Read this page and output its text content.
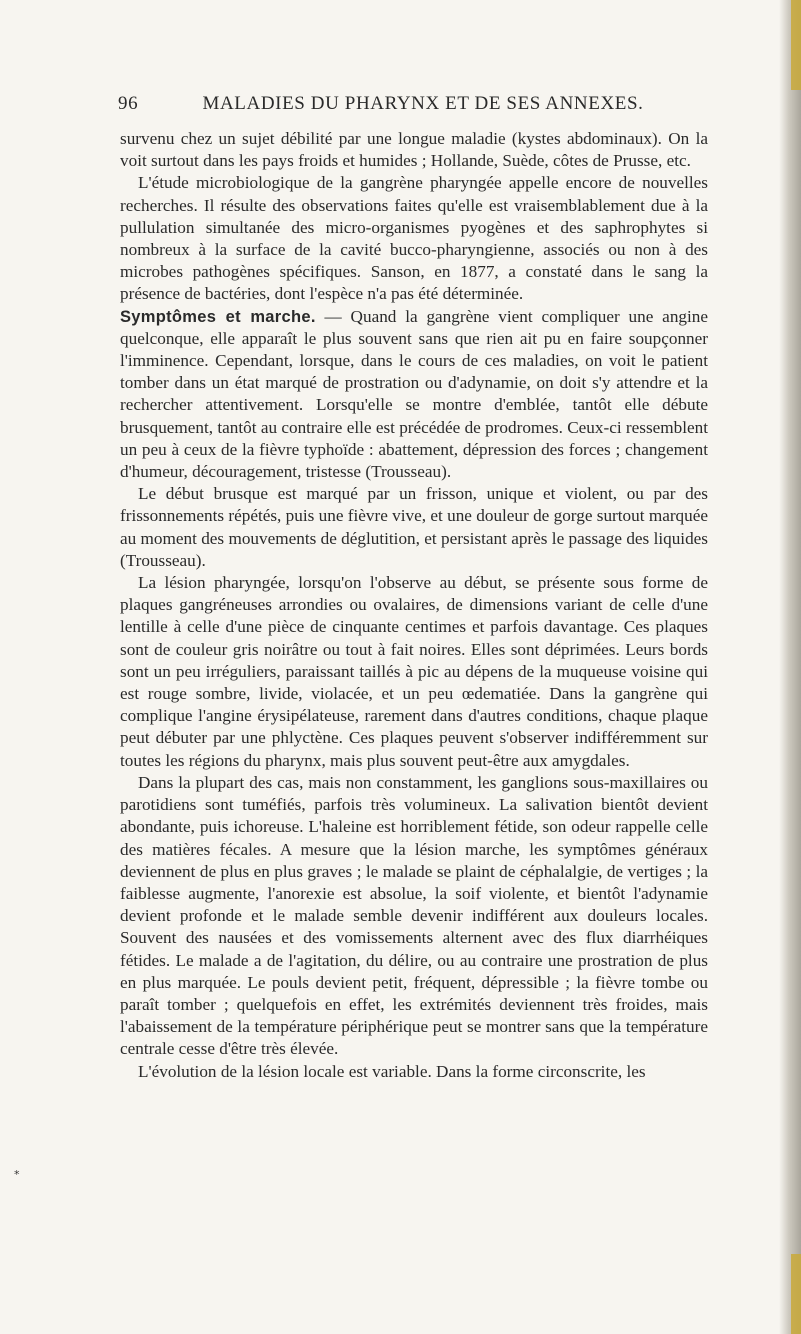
96	MALADIES DU PHARYNX ET DE SES ANNEXES.

survenu chez un sujet débilité par une longue maladie (kystes abdominaux). On la voit surtout dans les pays froids et humides ; Hollande, Suède, côtes de Prusse, etc.

L'étude microbiologique de la gangrène pharyngée appelle encore de nouvelles recherches. Il résulte des observations faites qu'elle est vraisemblablement due à la pullulation simultanée des micro-organismes pyogènes et des saphrophytes si nombreux à la surface de la cavité bucco-pharyngienne, associés ou non à des microbes pathogènes spécifiques. Sanson, en 1877, a constaté dans le sang la présence de bactéries, dont l'espèce n'a pas été déterminée.

Symptômes et marche. — Quand la gangrène vient compliquer une angine quelconque, elle apparaît le plus souvent sans que rien ait pu en faire soupçonner l'imminence. Cependant, lorsque, dans le cours de ces maladies, on voit le patient tomber dans un état marqué de prostration ou d'adynamie, on doit s'y attendre et la rechercher attentivement. Lorsqu'elle se montre d'emblée, tantôt elle débute brusquement, tantôt au contraire elle est précédée de prodromes. Ceux-ci ressemblent un peu à ceux de la fièvre typhoïde : abattement, dépression des forces ; changement d'humeur, découragement, tristesse (Trousseau).

Le début brusque est marqué par un frisson, unique et violent, ou par des frissonnements répétés, puis une fièvre vive, et une douleur de gorge surtout marquée au moment des mouvements de déglutition, et persistant après le passage des liquides (Trousseau).

La lésion pharyngée, lorsqu'on l'observe au début, se présente sous forme de plaques gangréneuses arrondies ou ovalaires, de dimensions variant de celle d'une lentille à celle d'une pièce de cinquante centimes et parfois davantage. Ces plaques sont de couleur gris noirâtre ou tout à fait noires. Elles sont déprimées. Leurs bords sont un peu irréguliers, paraissant taillés à pic au dépens de la muqueuse voisine qui est rouge sombre, livide, violacée, et un peu œdematiée. Dans la gangrène qui complique l'angine érysipélateuse, rarement dans d'autres conditions, chaque plaque peut débuter par une phlyctène. Ces plaques peuvent s'observer indifféremment sur toutes les régions du pharynx, mais plus souvent peut-être aux amygdales.

Dans la plupart des cas, mais non constamment, les ganglions sous-maxillaires ou parotidiens sont tuméfiés, parfois très volumineux. La salivation bientôt devient abondante, puis ichoreuse. L'haleine est horriblement fétide, son odeur rappelle celle des matières fécales. A mesure que la lésion marche, les symptômes généraux deviennent de plus en plus graves ; le malade se plaint de céphalalgie, de vertiges ; la faiblesse augmente, l'anorexie est absolue, la soif violente, et bientôt l'adynamie devient profonde et le malade semble devenir indifférent aux douleurs locales. Souvent des nausées et des vomissements alternent avec des flux diarrhéiques fétides. Le malade a de l'agitation, du délire, ou au contraire une prostration de plus en plus marquée. Le pouls devient petit, fréquent, dépressible ; la fièvre tombe ou paraît tomber ; quelquefois en effet, les extrémités deviennent très froides, mais l'abaissement de la température périphérique peut se montrer sans que la température centrale cesse d'être très élevée.

L'évolution de la lésion locale est variable. Dans la forme circonscrite, les

*
